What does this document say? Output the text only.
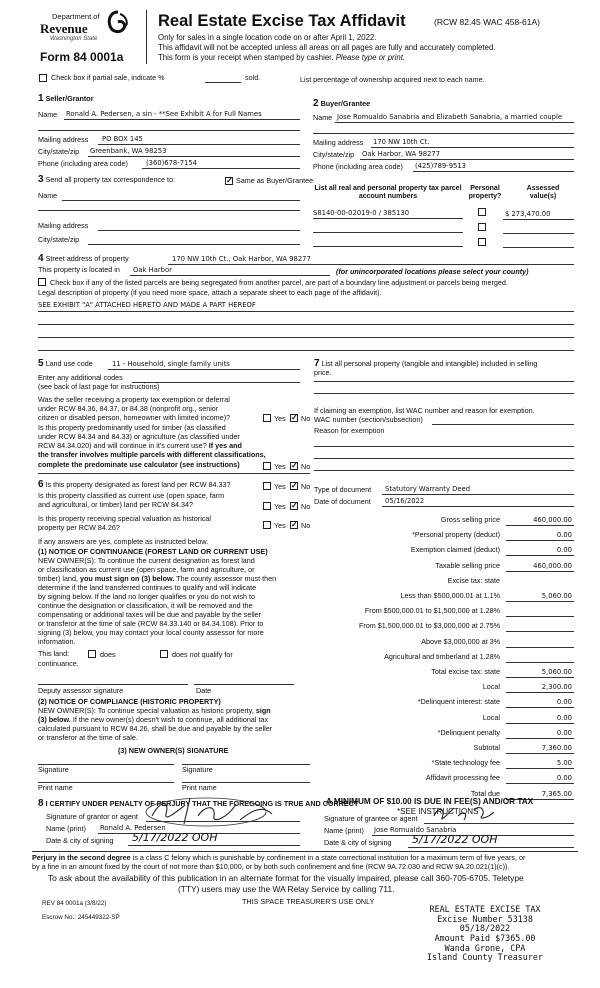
Department of
Revenue
Washington State
Form 84 0001a
Real Estate Excise Tax Affidavit	(RCW 82.45 WAC 458-61A)
Only for sales in a single location code on or after April 1, 2022.
This affidavit will not be accepted unless all areas on all pages are fully and accurately completed.
This form is your receipt when stamped by cashier. Please type or print.
Check box if partial sale, indicate %	sold.	List percentage of ownership acquired next to each name.
1 Seller/Grantor
Name Ronald A. Pedersen, a sin - **See Exhibit A for Full Names
Mailing address PO BOX 145
City/state/zip Greenbank, WA 98253
Phone (including area code)	(360)678-7154
2 Buyer/Grantee
Name Jose Romualdo Sanabria and Elizabeth Sanabria, a married couple
Mailing address 170 NW 10th Ct.
City/state/zip Oak Harbor, WA 98277
Phone (including area code) (425)789-9513
3 Send all property tax correspondence to:	✓ Same as Buyer/Grantee
Name
Mailing address
City/state/zip
List all real and personal property tax parcel account numbers
Personal property?
Assessed value(s)
S8140-00-02019-0 / 385130	$ 273,470.00
4 Street address of property	170 NW 10th Ct., Oak Harbor, WA 98277
This property is located in Oak Harbor	(for unincorporated locations please select your county)
Check box if any of the listed parcels are being segregated from another parcel, are part of a boundary line adjustment or parcels being merged.
Legal description of property (if you need more space, attach a separate sheet to each page of the affidavit).
SEE EXHIBIT "A" ATTACHED HERETO AND MADE A PART HEREOF
5 Land use code	11 - Household, single family units
Enter any additional codes
(see back of last page for instructions)
Was the seller receiving a property tax exemption or deferral
under RCW 84.36, 84.37, or 84.38 (nonprofit org., senior
citizen or disabled person, homeowner with limited income)?	Yes ✓ No
Is this property predominantly used for timber (as classified
under RCW 84.34 and 84.33) or agriculture (as classified under
RCW 84.34.020) and will continue in it's current use? If yes and
the transfer involves multiple parcels with different classifications,
complete the predominate use calculator (see instructions)	Yes ✓ No
7 List all personal property (tangible and intangible) included in selling
price.
If claiming an exemption, list WAC number and reason for exemption.
WAC number (section/subsection)
Reason for exemption
6 Is this property designated as forest land per RCW 84.33?	Yes ✓ No
Is this property classified as current use (open space, farm
and agricultural, or timber) land per RCW 84.34?	Yes ✓ No
Is this property receiving special valuation as historical
property per RCW 84.26?	Yes ✓ No
If any answers are yes, complete as instructed below.
(1) NOTICE OF CONTINUANCE (FOREST LAND OR CURRENT USE)
NEW OWNER(S): To continue the current designation as forest land
or classification as current use (open space, farm and agriculture, or
timber) land, you must sign on (3) below. The county assessor must then
determine if the land transferred continues to qualify and will indicate
by signing below. If the land no longer qualifies or you do not wish to
continue the designation or classification, it will be removed and the
compensating or additional taxes will be due and payable by the seller
or transferor at the time of sale (RCW 84.33.140 or 84.34.108). Prior to
signing (3) below, you may contact your local county assessor for more
information.
This land:	does	does not qualify for
continuance.
Deputy assessor signature	Date
(2) NOTICE OF COMPLIANCE (HISTORIC PROPERTY)
NEW OWNER(S): To continue special valuation as historic property, sign
(3) below. If the new owner(s) doesn't wish to continue, all additional tax
calculated pursuant to RCW 84.26, shall be due and payable by the seller
or transferor at the time of sale.
(3) NEW OWNER(S) SIGNATURE
Signature	Signature
Print name	Print name
Type of document Statutory Warranty Deed
Date of document 05/16/2022
Gross selling price	460,000.00
*Personal property (deduct)	0.00
Exemption claimed (deduct)	0.00
Taxable selling price	460,000.00
Excise tax: state
Less than $500,000.01 at 1.1%	5,060.00
From $500,000.01 to $1,500,000 at 1.28%
From $1,500,000.01 to $3,000,000 at 2.75%
Above $3,000,000 at 3%
Agricultural and timberland at 1.28%
Total excise tax: state	5,060.00
Local	2,300.00
*Delinquent interest: state	0.00
Local	0.00
*Delinquent penalty	0.00
Subtotal	7,360.00
*State technology fee	5.00
Affidavit processing fee	0.00
Total due	7,365.00
A MINIMUM OF $10.00 IS DUE IN FEE(S) AND/OR TAX
*SEE INSTRUCTIONS
8 I CERTIFY UNDER PENALTY OF PERJURY THAT THE FOREGOING IS TRUE AND CORRECT
Signature of grantor or agent
Name (print) Ronald A. Pedersen
Date & city of signing 5/17/2022 OOH
Signature of grantee or agent
Name (print) Jose Romualdo Sanabria
Date & city of signing 5/17/2022 OOH
Perjury in the second degree is a class C felony which is punishable by confinement in a state correctional institution for a maximum term of five years, or
by a fine in an amount fixed by the court of not more than $10,000, or by both such confinement and fine (RCW 9A.72.030 and RCW 9A.20.021(1)(c)).
To ask about the availability of this publication in an alternate format for the visually impaired, please call 360-705-6705. Teletype
(TTY) users may use the WA Relay Service by calling 711.
REV 84 0001a (3/8/22)	THIS SPACE TREASURER'S USE ONLY
Escrow No.: 245449322-SP
REAL ESTATE EXCISE TAX
Excise Number 53138
05/18/2022
Amount Paid $7365.00
Wanda Grone, CPA
Island County Treasurer
